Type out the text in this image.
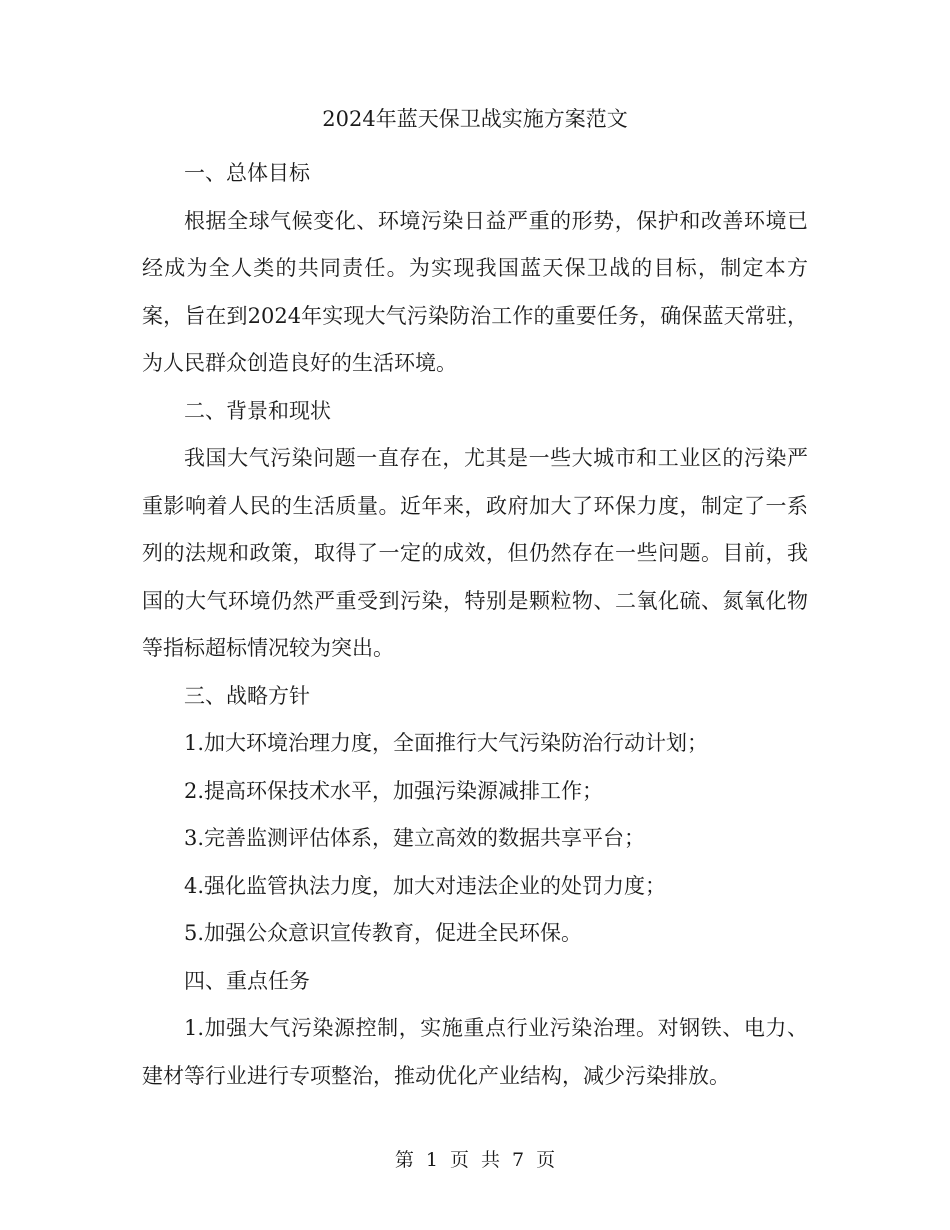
2024年蓝天保卫战实施方案范文

一、总体目标

根据全球气候变化、环境污染日益严重的形势，保护和改善环境已经成为全人类的共同责任。为实现我国蓝天保卫战的目标，制定本方案，旨在到2024年实现大气污染防治工作的重要任务，确保蓝天常驻，为人民群众创造良好的生活环境。

二、背景和现状

我国大气污染问题一直存在，尤其是一些大城市和工业区的污染严重影响着人民的生活质量。近年来，政府加大了环保力度，制定了一系列的法规和政策，取得了一定的成效，但仍然存在一些问题。目前，我国的大气环境仍然严重受到污染，特别是颗粒物、二氧化硫、氮氧化物等指标超标情况较为突出。

三、战略方针

1.加大环境治理力度，全面推行大气污染防治行动计划；

2.提高环保技术水平，加强污染源减排工作；

3.完善监测评估体系，建立高效的数据共享平台；

4.强化监管执法力度，加大对违法企业的处罚力度；

5.加强公众意识宣传教育，促进全民环保。

四、重点任务

1.加强大气污染源控制，实施重点行业污染治理。对钢铁、电力、建材等行业进行专项整治，推动优化产业结构，减少污染排放。

第 1 页 共 7 页
